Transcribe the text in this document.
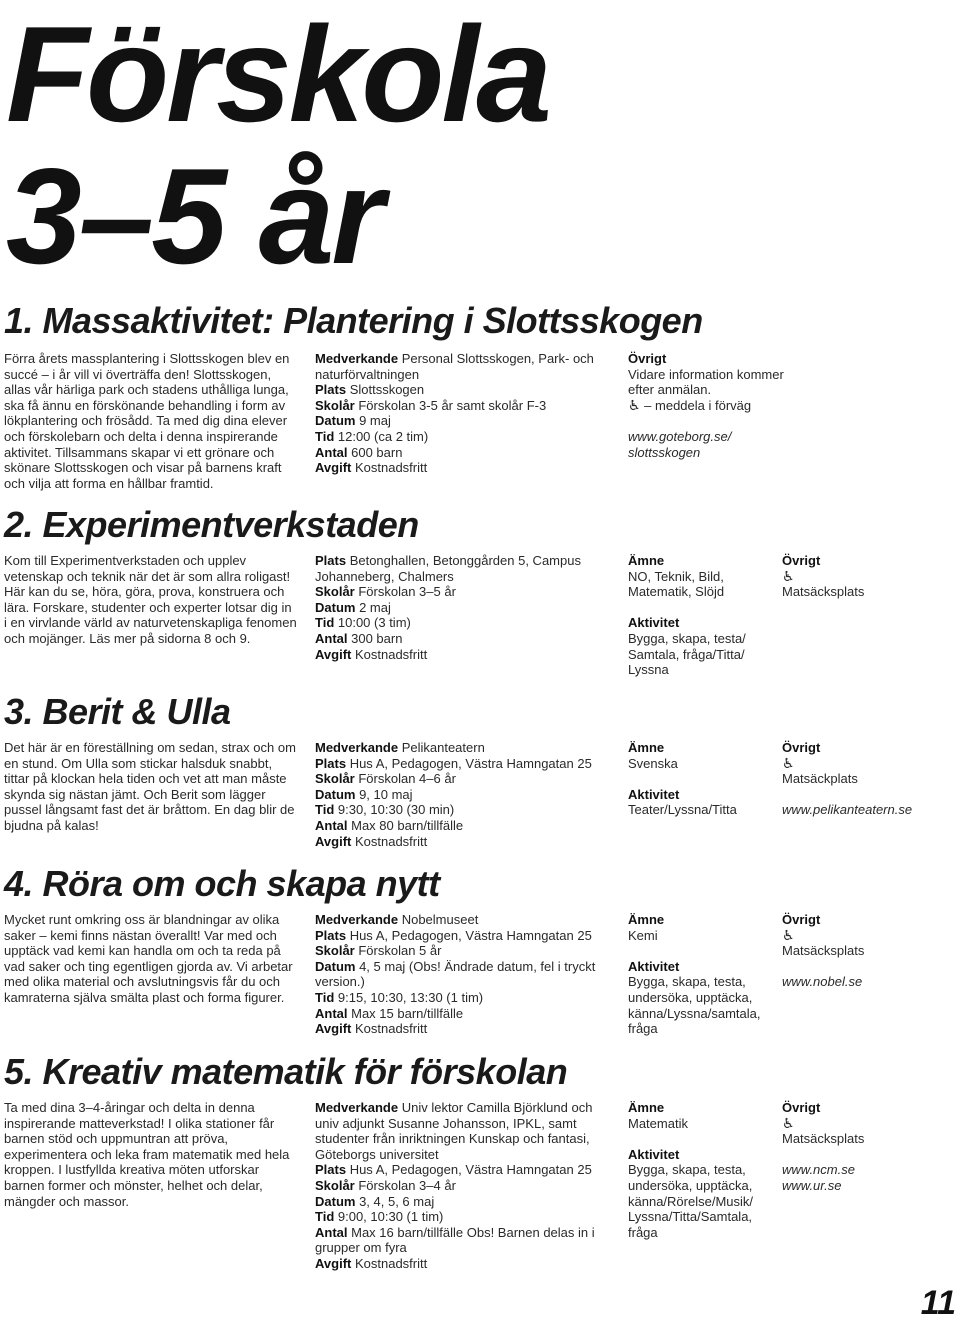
Förskola
3–5 år
1. Massaktivitet: Plantering i Slottsskogen

Förra årets massplantering i Slottsskogen blev en succé – i år vill vi överträffa den! Slottsskogen, allas vår härliga park och stadens uthålliga lunga, ska få ännu en förskönande behandling i form av lökplantering och frösådd. Ta med dig dina elever och förskolebarn och delta i denna inspirerande aktivitet. Tillsammans skapar vi ett grönare och skönare Slottsskogen och visar på barnens kraft och vilja att forma en hållbar framtid.

Medverkande Personal Slottsskogen, Park- och naturförvaltningen
Plats Slottsskogen
Skolår Förskolan 3-5 år samt skolår F-3
Datum 9 maj
Tid 12:00 (ca 2 tim)
Antal 600 barn
Avgift Kostnadsfritt
Övrigt
Vidare information kommer efter anmälan.
♿ – meddela i förväg
www.goteborg.se/ slottsskogen
2. Experimentverkstaden

Kom till Experimentverkstaden och upplev vetenskap och teknik när det är som allra roligast! Här kan du se, höra, göra, prova, konstruera och lära. Forskare, studenter och experter lotsar dig in i en virvlande värld av naturvetenskapliga fenomen och mojänger. Läs mer på sidorna 8 och 9.

Plats Betonghallen, Betonggården 5, Campus Johanneberg, Chalmers
Skolår Förskolan 3–5 år
Datum 2 maj
Tid 10:00 (3 tim)
Antal 300 barn
Avgift Kostnadsfritt
Ämne
NO, Teknik, Bild, Matematik, Slöjd
Aktivitet
Bygga, skapa, testa/ Samtala, fråga/Titta/ Lyssna
Övrigt
♿
Matsäcksplats
3. Berit & Ulla

Det här är en föreställning om sedan, strax och om en stund. Om Ulla som stickar halsduk snabbt, tittar på klockan hela tiden och vet att man måste skynda sig nästan jämt. Och Berit som lägger pussel långsamt fast det är bråttom. En dag blir de bjudna på kalas!

Medverkande Pelikanteatern
Plats Hus A, Pedagogen, Västra Hamngatan 25
Skolår Förskolan 4–6 år
Datum 9, 10 maj
Tid 9:30, 10:30 (30 min)
Antal Max 80 barn/tillfälle
Avgift Kostnadsfritt
Ämne
Svenska
Aktivitet
Teater/Lyssna/Titta
Övrigt
♿
Matsäckplats
www.pelikanteatern.se
4. Röra om och skapa nytt

Mycket runt omkring oss är blandningar av olika saker – kemi finns nästan överallt! Var med och upptäck vad kemi kan handla om och ta reda på vad saker och ting egentligen gjorda av. Vi arbetar med olika material och avslutningsvis får du och kamraterna själva smälta plast och forma figurer.

Medverkande Nobelmuseet
Plats Hus A, Pedagogen, Västra Hamngatan 25
Skolår Förskolan 5 år
Datum 4, 5 maj (Obs! Ändrade datum, fel i tryckt version.)
Tid 9:15, 10:30, 13:30 (1 tim)
Antal Max 15 barn/tillfälle
Avgift Kostnadsfritt
Ämne
Kemi
Aktivitet
Bygga, skapa, testa, undersöka, upptäcka, känna/Lyssna/samtala, fråga
Övrigt
♿
Matsäcksplats
www.nobel.se
5. Kreativ matematik för förskolan

Ta med dina 3–4-åringar och delta in denna inspirerande matteverkstad! I olika stationer får barnen stöd och uppmuntran att pröva, experimentera och leka fram matematik med hela kroppen. I lustfyllda kreativa möten utforskar barnen former och mönster, helhet och delar, mängder och massor.

Medverkande Univ lektor Camilla Björklund och univ adjunkt Susanne Johansson, IPKL, samt studenter från inriktningen Kunskap och fantasi, Göteborgs universitet
Plats Hus A, Pedagogen, Västra Hamngatan 25
Skolår Förskolan 3–4 år
Datum 3, 4, 5, 6 maj
Tid 9:00, 10:30 (1 tim)
Antal Max 16 barn/tillfälle Obs! Barnen delas in i grupper om fyra
Avgift Kostnadsfritt
Ämne
Matematik
Aktivitet
Bygga, skapa, testa, undersöka, upptäcka, känna/Rörelse/Musik/ Lyssna/Titta/Samtala, fråga
Övrigt
♿
Matsäcksplats
www.ncm.se
www.ur.se
11
